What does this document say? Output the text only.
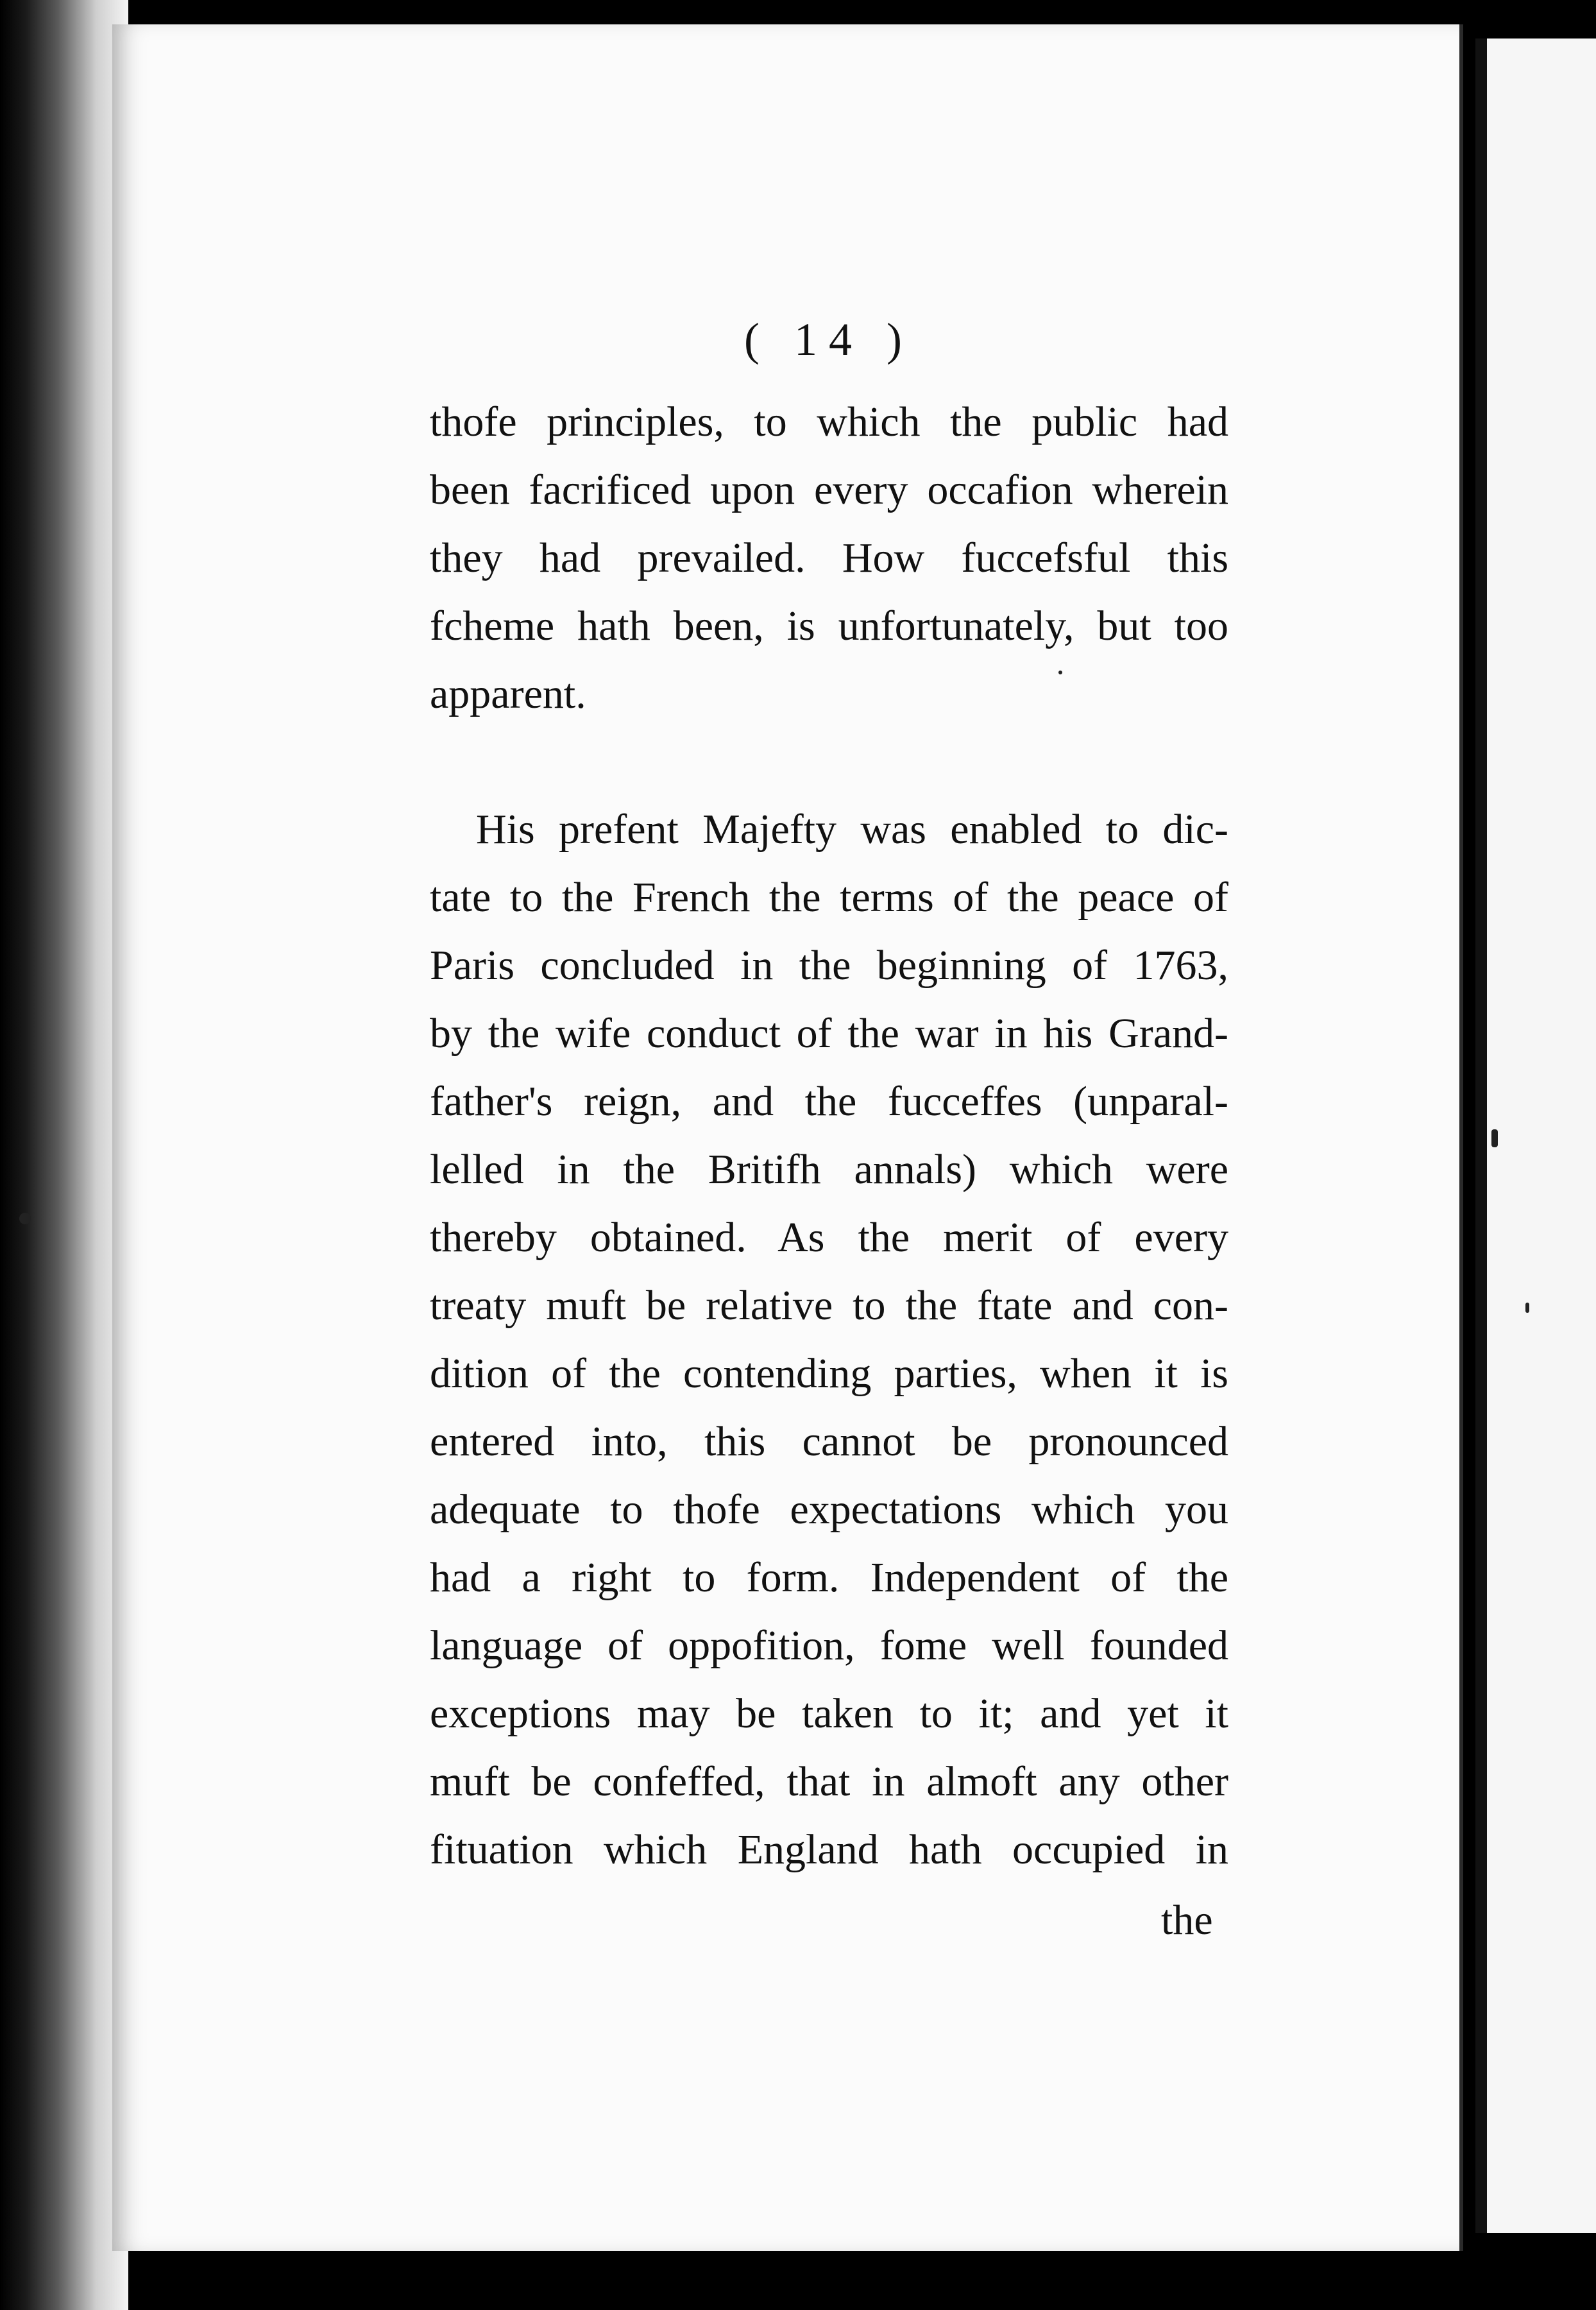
( 14 )
thofe principles, to which the public had
been facrificed upon every occafion wherein
they had prevailed. How fuccefsful this
fcheme hath been, is unfortunately, but too
apparent.
His prefent Majefty was enabled to dic-
tate to the French the terms of the peace of
Paris concluded in the beginning of 1763,
by the wife conduct of the war in his Grand-
father's reign, and the fucceffes (unparal-
lelled in the Britifh annals) which were
thereby obtained. As the merit of every
treaty muft be relative to the ftate and con-
dition of the contending parties, when it is
entered into, this cannot be pronounced
adequate to thofe expectations which you
had a right to form. Independent of the
language of oppofition, fome well founded
exceptions may be taken to it; and yet it
muft be confeffed, that in almoft any other
fituation which England hath occupied in
the
